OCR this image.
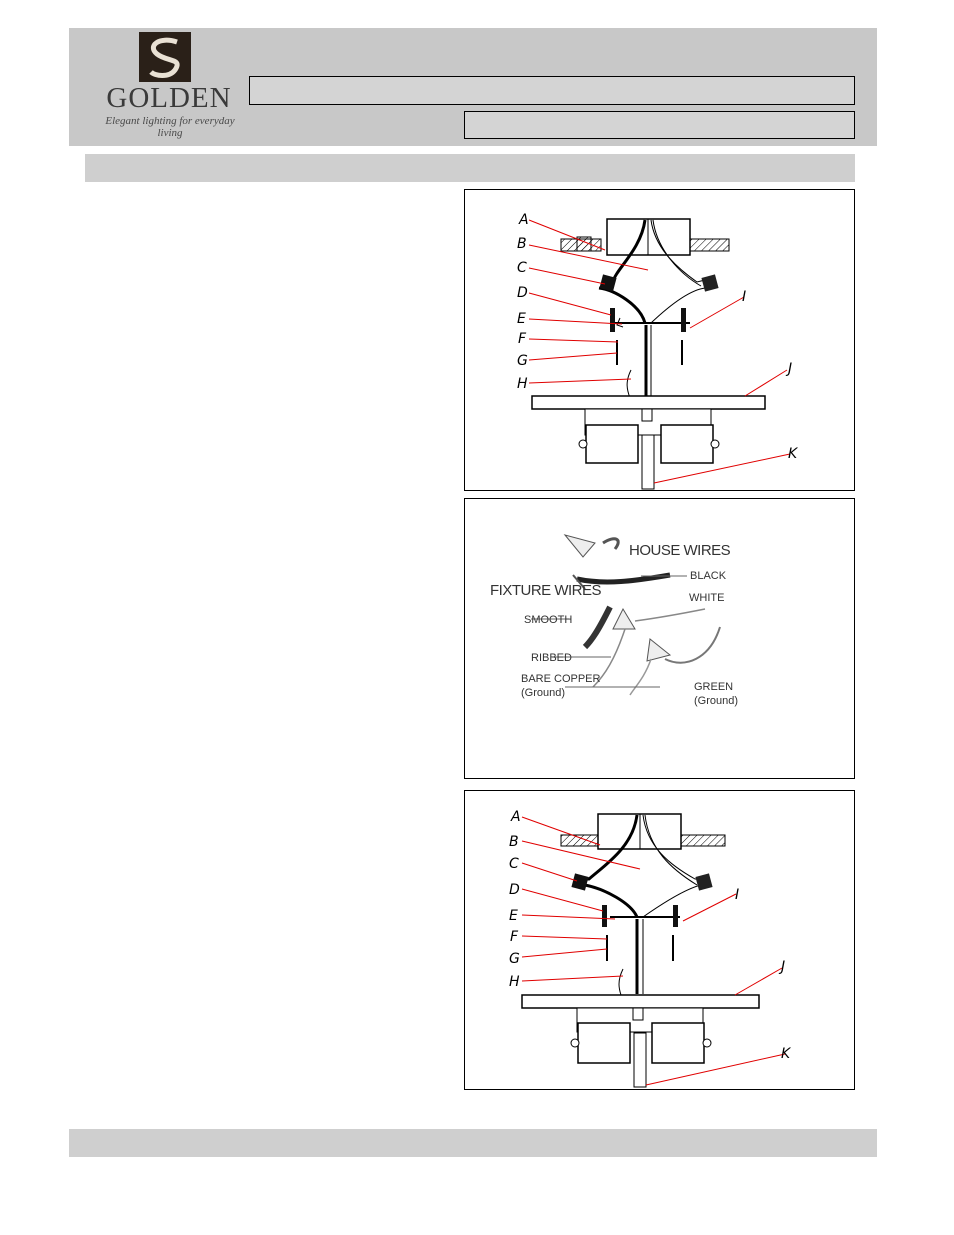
GOLDEN
Elegant lighting for everyday living
A
B
C
D
E
F
G
H
I
J
K
HOUSE WIRES
FIXTURE WIRES
BLACK
WHITE
SMOOTH
RIBBED
BARE COPPER
(Ground)	GREEN
(Ground)
A
B
C
D
E
F
G
H
I
J
K
